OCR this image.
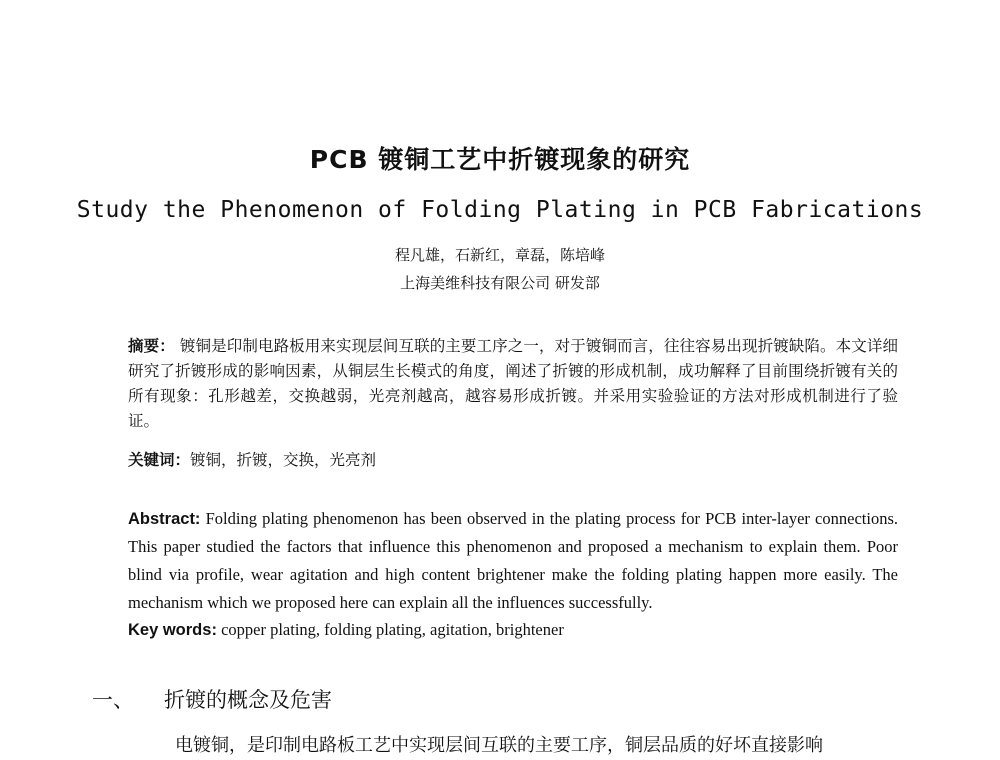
PCB 镀铜工艺中折镀现象的研究
Study the Phenomenon of Folding Plating in PCB Fabrications
程凡雄，石新红，章磊，陈培峰
上海美维科技有限公司 研发部
摘要： 镀铜是印制电路板用来实现层间互联的主要工序之一，对于镀铜而言，往往容易出现折镀缺陷。本文详细研究了折镀形成的影响因素，从铜层生长模式的角度，阐述了折镀的形成机制，成功解释了目前围绕折镀有关的所有现象：孔形越差，交换越弱，光亮剂越高，越容易形成折镀。并采用实验验证的方法对形成机制进行了验证。
关键词：镀铜，折镀，交换，光亮剂
Abstract: Folding plating phenomenon has been observed in the plating process for PCB inter-layer connections. This paper studied the factors that influence this phenomenon and proposed a mechanism to explain them. Poor blind via profile, wear agitation and high content brightener make the folding plating happen more easily. The mechanism which we proposed here can explain all the influences successfully.
Key words: copper plating, folding plating, agitation, brightener
一、 折镀的概念及危害
电镀铜，是印制电路板工艺中实现层间互联的主要工序，铜层品质的好坏直接影响
